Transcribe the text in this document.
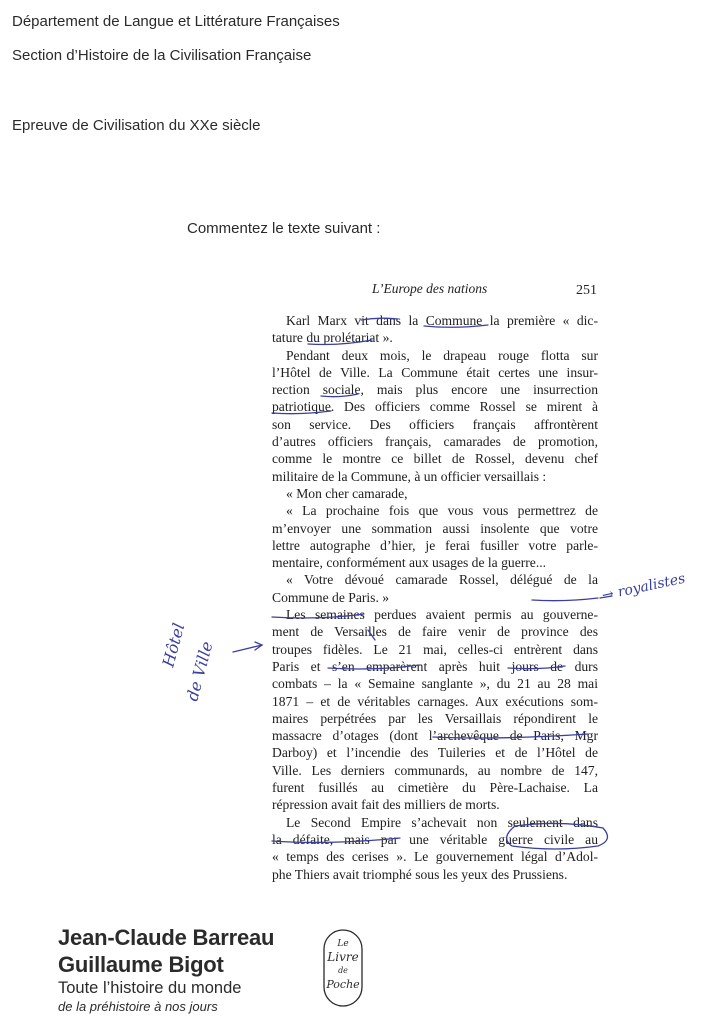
Département de Langue et Littérature Françaises
Section d’Histoire de la Civilisation Française
Epreuve de Civilisation du XXe siècle
Commentez le texte suivant :
L’Europe des nations	251
Karl Marx vit dans la Commune la première « dic-
tature du prolétariat ».
Pendant deux mois, le drapeau rouge flotta sur
l’Hôtel de Ville. La Commune était certes une insur-
rection sociale, mais plus encore une insurrection
patriotique. Des officiers comme Rossel se mirent à
son service. Des officiers français affrontèrent
d’autres officiers français, camarades de promotion,
comme le montre ce billet de Rossel, devenu chef
militaire de la Commune, à un officier versaillais :
« Mon cher camarade,
« La prochaine fois que vous vous permettrez de
m’envoyer une sommation aussi insolente que votre
lettre autographe d’hier, je ferai fusiller votre parle-
mentaire, conformément aux usages de la guerre...
« Votre dévoué camarade Rossel, délégué de la
Commune de Paris. »
Les semaines perdues avaient permis au gouverne-
ment de Versailles de faire venir de province des
troupes fidèles. Le 21 mai, celles-ci entrèrent dans
Paris et s’en emparèrent après huit jours de durs
combats – la « Semaine sanglante », du 21 au 28 mai
1871 – et de véritables carnages. Aux exécutions som-
maires perpétrées par les Versaillais répondirent le
massacre d’otages (dont l’archevêque de Paris, Mgr
Darboy) et l’incendie des Tuileries et de l’Hôtel de
Ville. Les derniers communards, au nombre de 147,
furent fusillés au cimetière du Père-Lachaise. La
répression avait fait des milliers de morts.
Le Second Empire s’achevait non seulement dans
la défaite, mais par une véritable guerre civile au
« temps des cerises ». Le gouvernement légal d’Adol-
phe Thiers avait triomphé sous les yeux des Prussiens.
→ royalistes
Hôtel
de Ville
Jean-Claude Barreau
Guillaume Bigot
Toute l’histoire du monde
de la préhistoire à nos jours
Le
Livre
de
Poche
